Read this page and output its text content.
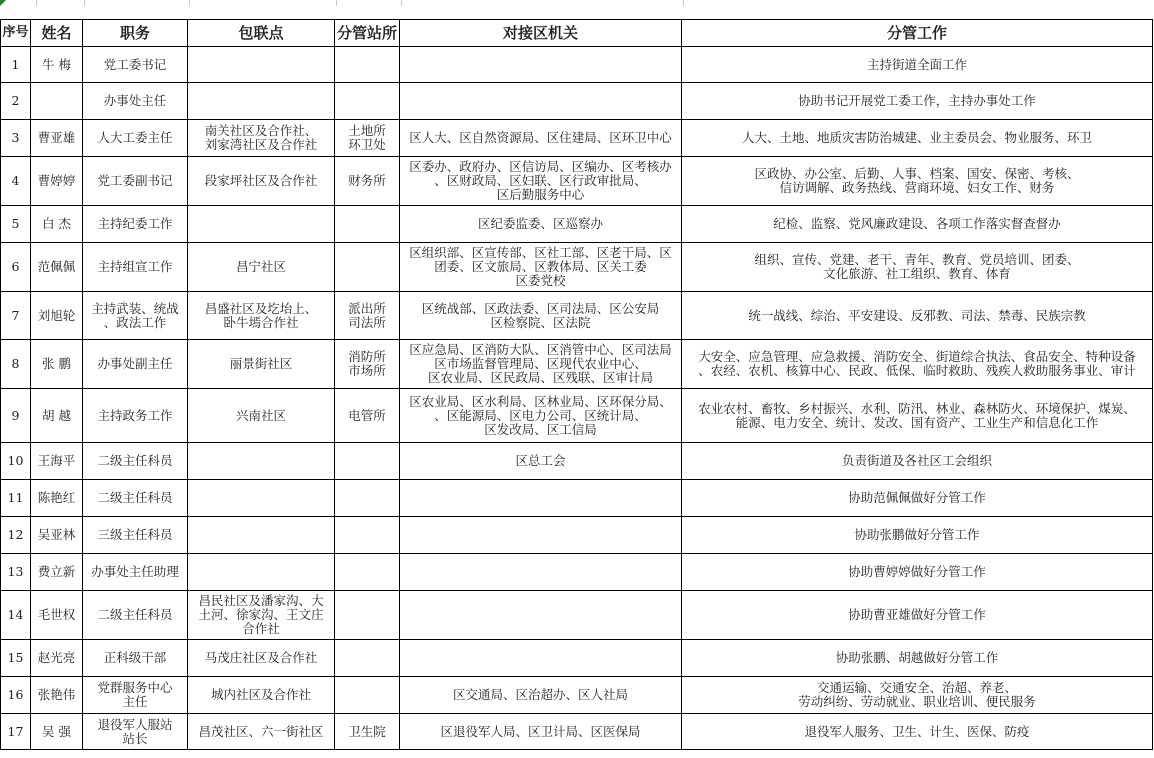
序号	姓名	职务	包联点	分管站所	对接区机关	分管工作
1	牛 梅	党工委书记				主持街道全面工作
2		办事处主任				协助书记开展党工委工作，主持办事处工作
3	曹亚雄	人大工委主任	南关社区及合作社、
刘家湾社区及合作社	土地所
环卫处	区人大、区自然资源局、区住建局、区环卫中心	人大、土地、地质灾害防治城建、业主委员会、物业服务、环卫
4	曹婷婷	党工委副书记	段家坪社区及合作社	财务所	区委办、政府办、区信访局、区编办、区考核办
、区财政局、区妇联、区行政审批局、
区后勤服务中心	区政协、办公室、后勤、人事、档案、国安、保密、考核、
信访调解、政务热线、营商环境、妇女工作、财务
5	白 杰	主持纪委工作			区纪委监委、区巡察办	纪检、监察、党风廉政建设、各项工作落实督查督办
6	范佩佩	主持组宣工作	昌宁社区		区组织部、区宣传部、区社工部、区老干局、区
团委、区文旅局、区教体局、区关工委
区委党校	组织、宣传、党建、老干、青年、教育、党员培训、团委、
文化旅游、社工组织、教育、体育
7	刘旭轮	主持武装、统战
、政法工作	昌盛社区及圪坮上、
卧牛墕合作社	派出所
司法所	区统战部、区政法委、区司法局、区公安局
区检察院、区法院	统一战线、综治、平安建设、反邪教、司法、禁毒、民族宗教
8	张 鹏	办事处副主任	丽景街社区	消防所
市场所	区应急局、区消防大队、区消管中心、区司法局
区市场监督管理局、区现代农业中心、
区农业局、区民政局、区残联、区审计局	大安全、应急管理、应急救援、消防安全、街道综合执法、食品安全、特种设备
、农经、农机、核算中心、民政、低保、临时救助、残疾人救助服务事业、审计
9	胡 越	主持政务工作	兴南社区	电管所	区农业局、区水利局、区林业局、区环保分局、
、区能源局、区电力公司、区统计局、
区发改局、区工信局	农业农村、畜牧、乡村振兴、水利、防汛、林业、森林防火、环境保护、煤炭、
能源、电力安全、统计、发改、国有资产、工业生产和信息化工作
10	王海平	二级主任科员			区总工会	负责街道及各社区工会组织
11	陈艳红	二级主任科员				协助范佩佩做好分管工作
12	吴亚林	三级主任科员				协助张鹏做好分管工作
13	费立新	办事处主任助理				协助曹婷婷做好分管工作
14	毛世权	二级主任科员	昌民社区及潘家沟、大
土河、徐家沟、王文庄
合作社			协助曹亚雄做好分管工作
15	赵光亮	正科级干部	马茂庄社区及合作社			协助张鹏、胡越做好分管工作
16	张艳伟	党群服务中心
主任	城内社区及合作社		区交通局、区治超办、区人社局	交通运输、交通安全、治超、养老、
劳动纠纷、劳动就业、职业培训、便民服务
17	吴 强	退役军人服站
站长	昌茂社区、六一街社区	卫生院	区退役军人局、区卫计局、区医保局	退役军人服务、卫生、计生、医保、防疫
